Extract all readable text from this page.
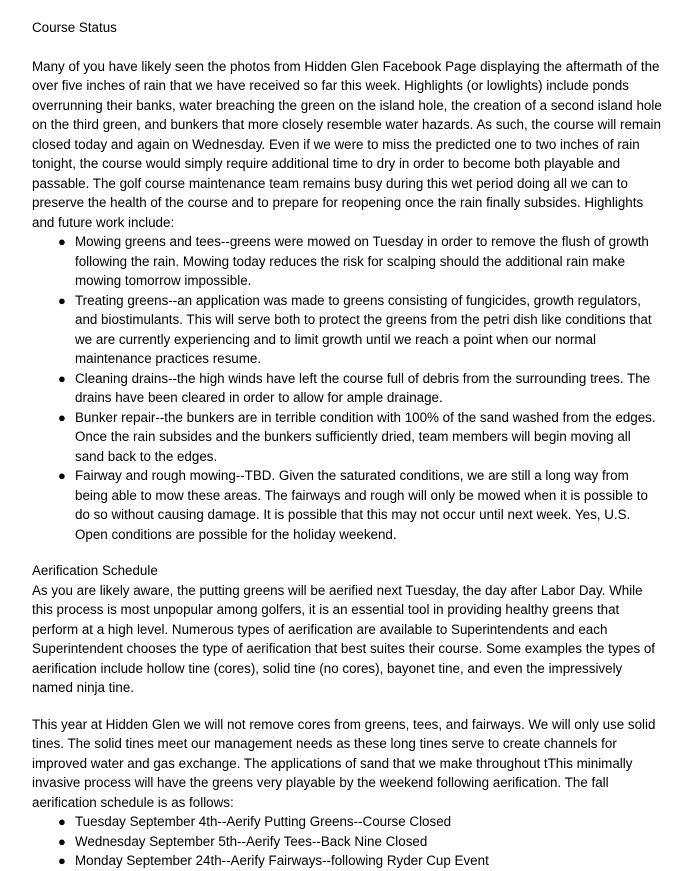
Course Status

Many of you have likely seen the photos from Hidden Glen Facebook Page displaying the aftermath of the over five inches of rain that we have received so far this week. Highlights (or lowlights) include ponds overrunning their banks, water breaching the green on the island hole, the creation of a second island hole on the third green, and bunkers that more closely resemble water hazards. As such, the course will remain closed today and again on Wednesday. Even if we were to miss the predicted one to two inches of rain tonight, the course would simply require additional time to dry in order to become both playable and passable. The golf course maintenance team remains busy during this wet period doing all we can to preserve the health of the course and to prepare for reopening once the rain finally subsides. Highlights and future work include:

● Mowing greens and tees--greens were mowed on Tuesday in order to remove the flush of growth following the rain. Mowing today reduces the risk for scalping should the additional rain make mowing tomorrow impossible.
● Treating greens--an application was made to greens consisting of fungicides, growth regulators, and biostimulants. This will serve both to protect the greens from the petri dish like conditions that we are currently experiencing and to limit growth until we reach a point when our normal maintenance practices resume.
● Cleaning drains--the high winds have left the course full of debris from the surrounding trees. The drains have been cleared in order to allow for ample drainage.
● Bunker repair--the bunkers are in terrible condition with 100% of the sand washed from the edges. Once the rain subsides and the bunkers sufficiently dried, team members will begin moving all sand back to the edges.
● Fairway and rough mowing--TBD. Given the saturated conditions, we are still a long way from being able to mow these areas. The fairways and rough will only be mowed when it is possible to do so without causing damage. It is possible that this may not occur until next week. Yes, U.S. Open conditions are possible for the holiday weekend.
Aerification Schedule

As you are likely aware, the putting greens will be aerified next Tuesday, the day after Labor Day. While this process is most unpopular among golfers, it is an essential tool in providing healthy greens that perform at a high level. Numerous types of aerification are available to Superintendents and each Superintendent chooses the type of aerification that best suites their course. Some examples the types of aerification include hollow tine (cores), solid tine (no cores), bayonet tine, and even the impressively named ninja tine.

This year at Hidden Glen we will not remove cores from greens, tees, and fairways. We will only use solid tines. The solid tines meet our management needs as these long tines serve to create channels for improved water and gas exchange. The applications of sand that we make throughout tThis minimally invasive process will have the greens very playable by the weekend following aerification. The fall aerification schedule is as follows:

● Tuesday September 4th--Aerify Putting Greens--Course Closed
● Wednesday September 5th--Aerify Tees--Back Nine Closed
● Monday September 24th--Aerify Fairways--following Ryder Cup Event
